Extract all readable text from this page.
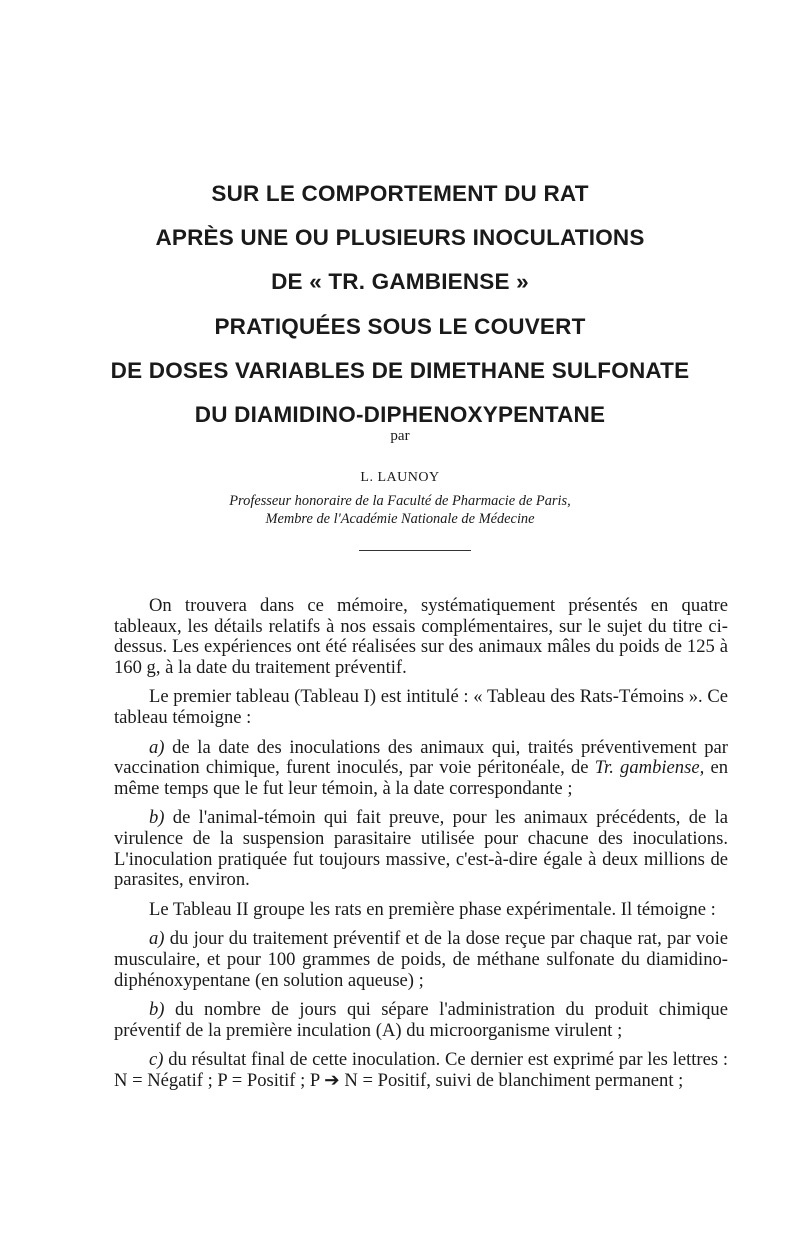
SUR LE COMPORTEMENT DU RAT
APRÈS UNE OU PLUSIEURS INOCULATIONS
DE « TR. GAMBIENSE »
PRATIQUÉES SOUS LE COUVERT
DE DOSES VARIABLES DE DIMETHANE SULFONATE
DU DIAMIDINO-DIPHENOXYPENTANE
par
L. LAUNOY
Professeur honoraire de la Faculté de Pharmacie de Paris,
Membre de l'Académie Nationale de Médecine

On trouvera dans ce mémoire, systématiquement présentés en quatre tableaux, les détails relatifs à nos essais complémentaires, sur le sujet du titre ci-dessus. Les expériences ont été réalisées sur des animaux mâles du poids de 125 à 160 g, à la date du traitement préventif.

Le premier tableau (Tableau I) est intitulé : « Tableau des Rats-Témoins ». Ce tableau témoigne :

a) de la date des inoculations des animaux qui, traités préventivement par vaccination chimique, furent inoculés, par voie péritonéale, de Tr. gambiense, en même temps que le fut leur témoin, à la date correspondante ;

b) de l'animal-témoin qui fait preuve, pour les animaux précédents, de la virulence de la suspension parasitaire utilisée pour chacune des inoculations. L'inoculation pratiquée fut toujours massive, c'est-à-dire égale à deux millions de parasites, environ.

Le Tableau II groupe les rats en première phase expérimentale. Il témoigne :

a) du jour du traitement préventif et de la dose reçue par chaque rat, par voie musculaire, et pour 100 grammes de poids, de méthane sulfonate du diamidino-diphénoxypentane (en solution aqueuse) ;

b) du nombre de jours qui sépare l'administration du produit chimique préventif de la première inculation (A) du microorganisme virulent ;

c) du résultat final de cette inoculation. Ce dernier est exprimé par les lettres : N = Négatif ; P = Positif ; P ➔ N = Positif, suivi de blanchiment permanent ;
